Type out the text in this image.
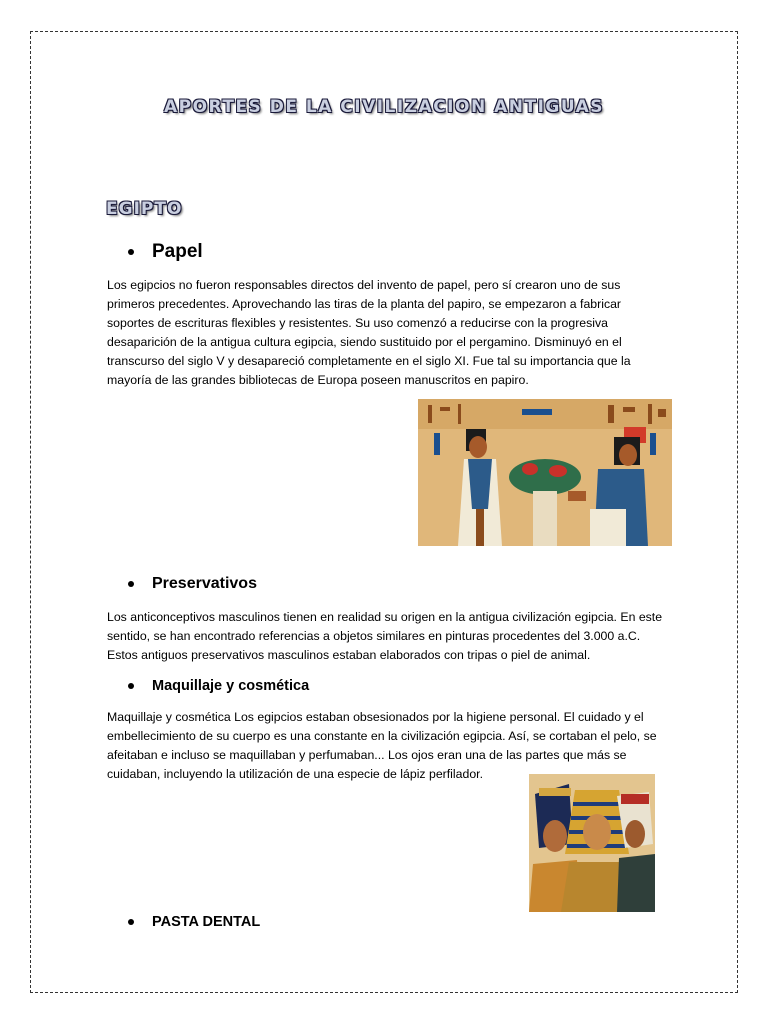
APORTES DE LA CIVILIZACION ANTIGUAS
EGIPTO
Papel

Los egipcios no fueron responsables directos del invento de papel, pero sí crearon uno de sus primeros precedentes. Aprovechando las tiras de la planta del papiro, se empezaron a fabricar soportes de escrituras flexibles y resistentes. Su uso comenzó a reducirse con la progresiva desaparición de la antigua cultura egipcia, siendo sustituido por el pergamino. Disminuyó en el transcurso del siglo V y desapareció completamente en el siglo XI. Fue tal su importancia que la mayoría de las grandes bibliotecas de Europa poseen manuscritos en papiro.

Preservativos

Los anticonceptivos masculinos tienen en realidad su origen en la antigua civilización egipcia. En este sentido, se han encontrado referencias a objetos similares en pinturas procedentes del 3.000 a.C. Estos antiguos preservativos masculinos estaban elaborados con tripas o piel de animal.

Maquillaje y cosmética

Maquillaje y cosmética Los egipcios estaban obsesionados por la higiene personal. El cuidado y el embellecimiento de su cuerpo es una constante en la civilización egipcia. Así, se cortaban el pelo, se afeitaban e incluso se maquillaban y perfumaban... Los ojos eran una de las partes que más se cuidaban, incluyendo la utilización de una especie de lápiz perfilador.

PASTA DENTAL
